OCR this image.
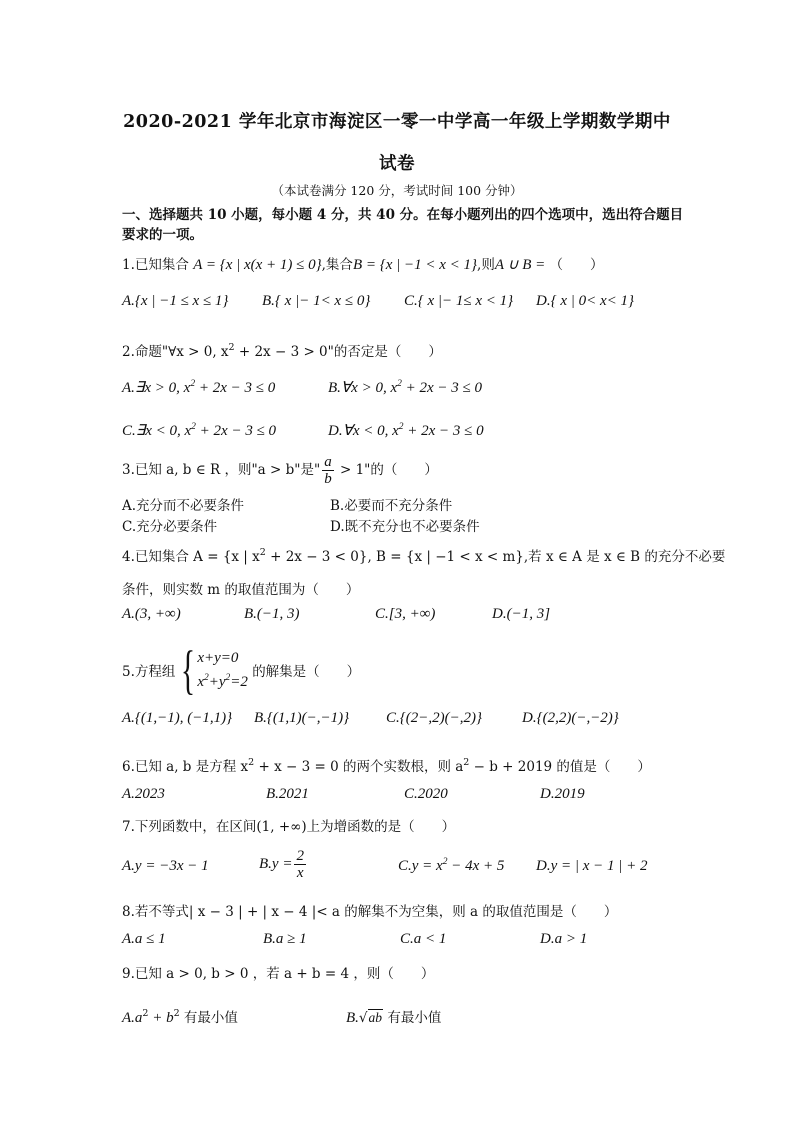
2020-2021 学年北京市海淀区一零一中学高一年级上学期数学期中
试卷
（本试卷满分 120 分，考试时间 100 分钟）
一、选择题共 10 小题，每小题 4 分，共 40 分。在每小题列出的四个选项中，选出符合题目
要求的一项。
1.已知集合 A = {x | x(x + 1) ≤ 0},集合B = {x | −1 < x < 1},则A ∪ B = （　　）
A.{x | −1 ≤ x ≤ 1} B.{ x |− 1< x ≤ 0} C.{ x |− 1≤ x < 1} D.{ x | 0< x< 1}
2.命题"∀x > 0, $x^2 + 2x - 3 > 0$"的否定是（　　）
A.∃x > 0, $x^2 + 2x - 3 \le 0$	B.∀x > 0, $x^2 + 2x - 3 \le 0$
C.∃x < 0, $x^2 + 2x - 3 \le 0$	D.∀x < 0, $x^2 + 2x - 3 \le 0$
3.已知 a, b ∈ R ，则"a > b"是" $\frac{a}{b} > 1$"的（　　）
A.充分而不必要条件	B.必要而不充分条件
C.充分必要条件	D.既不充分也不必要条件
4.已知集合 A = {x | $x^2 + 2x - 3 < 0$}, B = {x | −1 < x < m},若 x ∈ A 是 x ∈ B 的充分不必要
条件，则实数 m 的取值范围为（　　）
A.(3, +∞)	B.(−1, 3)	C.[3, +∞)	D.(−1, 3]
5.方程组 { x+y=0
$x^2+y^2=2$
的解集是（　　）
A.{(1,−1), (−1,1)} B.{(1,1)(−,−1)} C.{(2−,2)(−,2)}	D.{(2,2)(−,−2)}
6.已知 a, b 是方程 $x^2 + x - 3 = 0$ 的两个实数根，则 $a^2 - b + 2019$ 的值是（　　）
A.2023	B.2021	C.2020	D.2019
7.下列函数中，在区间(1, +∞)上为增函数的是（　　）
A.y = −3x − 1	$B.y = \frac{2}{x}$	$C.y = x^2 - 4x + 5$ D.y = | x − 1 | + 2
8.若不等式| x − 3 | + | x − 4 |< a 的解集不为空集，则 a 的取值范围是（　　）
A.a ≤ 1	B.a ≥ 1	C.a < 1	D.a > 1
9.已知 a > 0, b > 0 ，若 a + b = 4 ，则（　　）
$A.a^2 + b^2$ 有最小值	B.√ab 有最小值
